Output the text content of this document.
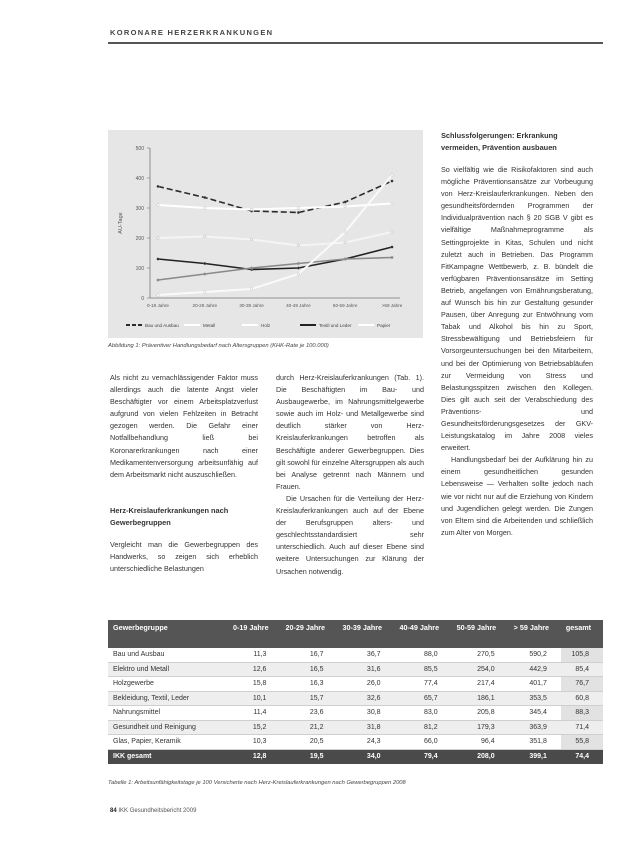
KORONARE HERZERKRANKUNGEN
0
100
200
300
400
500
AU-Tage
0-19 Jahre	20-29 Jahre	30-39 Jahre	40-49 Jahre	50-59 Jahre	>59 Jahre
Bau und Ausbau	Metall	Holz	Textil und Leder	Papier
Abbildung 1: Präventiver Handlungsbedarf nach Altersgruppen (KHK-Rate je 100.000)

Als nicht zu vernachlässigender Faktor muss allerdings auch die latente Angst vieler Beschäftigter vor einem Arbeitsplatzverlust aufgrund von vielen Fehlzeiten in Betracht gezogen werden. Die Gefahr einer Notfallbehandlung ließ bei Koronarerkrankungen nach einer Medikamentenversorgung arbeitsunfähig auf dem Arbeitsmarkt nicht auszuschließen.

Herz-Kreislauferkrankungen nach Gewerbegruppen

Vergleicht man die Gewerbegruppen des Handwerks, so zeigen sich erheblich unterschiedliche Belastungen

durch Herz-Kreislauferkrankungen (Tab. 1). Die Beschäftigten im Bau- und Ausbaugewerbe, im Nahrungsmittelgewerbe sowie auch im Holz- und Metallgewerbe sind deutlich stärker von Herz-Kreislauferkrankungen betroffen als Beschäftigte anderer Gewerbegruppen. Dies gilt sowohl für einzelne Altersgruppen als auch bei Analyse getrennt nach Männern und Frauen.

Die Ursachen für die Verteilung der Herz-Kreislauferkrankungen auch auf der Ebene der Berufsgruppen alters- und geschlechtsstandardisiert sehr unterschiedlich. Auch auf dieser Ebene sind weitere Untersuchungen zur Klärung der Ursachen notwendig.

Schlussfolgerungen: Erkrankung vermeiden, Prävention ausbauen

So vielfältig wie die Risikofaktoren sind auch mögliche Präventionsansätze zur Vorbeugung von Herz-Kreislauferkrankungen. Neben den gesundheitsfördernden Programmen der Individualprävention nach § 20 SGB V gibt es vielfältige Maßnahmeprogramme als Settingprojekte in Kitas, Schulen und nicht zuletzt auch in Betrieben. Das Programm FitKampagne Wettbewerb, z. B. bündelt die verfügbaren Präventionsansätze im Setting Betrieb, angefangen von Ernährungsberatung, auf Wunsch bis hin zur Gestaltung gesunder Pausen, über Anregung zur Entwöhnung vom Tabak und Alkohol bis hin zu Sport, Stressbewältigung und Betriebsfeiern für Vorsorgeuntersuchungen bei den Mitarbeitern, und bei der Optimierung von Betriebsabläufen zur Vermeidung von Stress und Belastungsspitzen zwischen den Kollegen. Dies gilt auch seit der Verabschiedung des Präventions- und Gesundheitsförderungsgesetzes der GKV-Leistungskatalog im Jahre 2008 vieles erweitert.

Handlungsbedarf bei der Aufklärung hin zu einem gesundheitlichen gesunden Lebensweise — Verhalten sollte jedoch nach wie vor nicht nur auf die Erziehung von Kindern und Jugendlichen gelegt werden. Die Zungen von Eltern sind die Arbeitenden und schließlich zum Alter von Morgen.

Gewerbegruppe	0-19 Jahre	20-29 Jahre	30-39 Jahre	40-49 Jahre	50-59 Jahre	> 59 Jahre	gesamt
Bau und Ausbau	11,3	16,7	36,7	88,0	270,5	590,2	105,8
Elektro und Metall	12,6	16,5	31,6	85,5	254,0	442,9	85,4
Holzgewerbe	15,8	16,3	26,0	77,4	217,4	401,7	76,7
Bekleidung, Textil, Leder	10,1	15,7	32,6	65,7	186,1	353,5	60,8
Nahrungsmittel	11,4	23,6	30,8	83,0	205,8	345,4	88,3
Gesundheit und Reinigung	15,2	21,2	31,8	81,2	179,3	363,9	71,4
Glas, Papier, Keramik	10,3	20,5	24,3	66,0	96,4	351,8	55,8
IKK gesamt	12,8	19,5	34,0	79,4	208,0	399,1	74,4
Tabelle 1: Arbeitsunfähigkeitstage je 100 Versicherte nach Herz-Kreislauferkrankungen nach Gewerbegruppen 2008
84 IKK Gesundheitsbericht 2009
